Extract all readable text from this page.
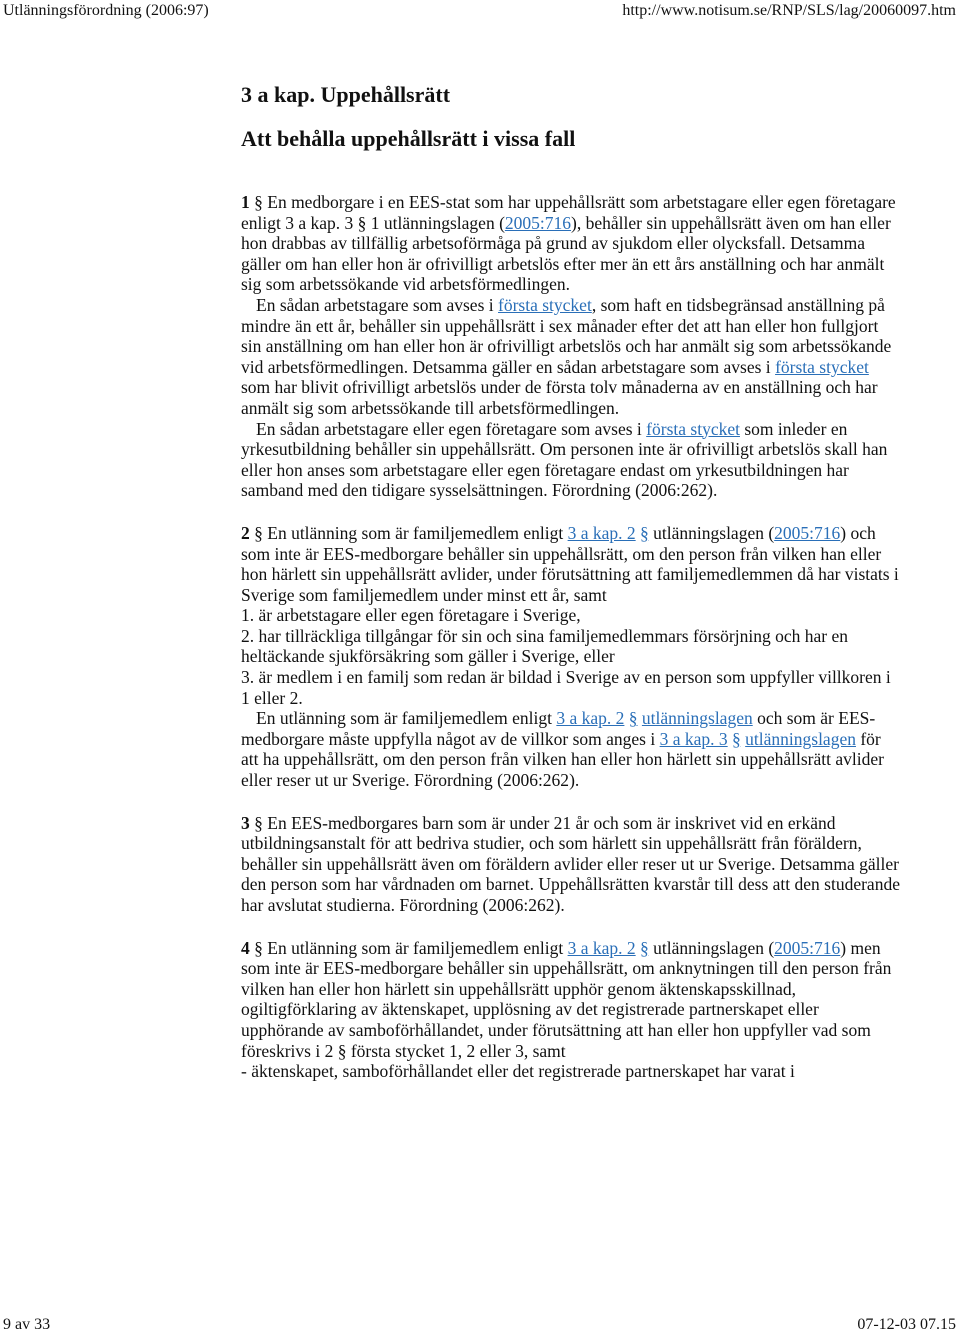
Utlänningsförordning (2006:97)	http://www.notisum.se/RNP/SLS/lag/20060097.htm
3 a kap. Uppehållsrätt
Att behålla uppehållsrätt i vissa fall

1 § En medborgare i en EES-stat som har uppehållsrätt som arbetstagare eller egen företagare enligt 3 a kap. 3 § 1 utlänningslagen (2005:716), behåller sin uppehållsrätt även om han eller hon drabbas av tillfällig arbetsoförmåga på grund av sjukdom eller olycksfall. Detsamma gäller om han eller hon är ofrivilligt arbetslös efter mer än ett års anställning och har anmält sig som arbetssökande vid arbetsförmedlingen.

En sådan arbetstagare som avses i första stycket, som haft en tidsbegränsad anställning på mindre än ett år, behåller sin uppehållsrätt i sex månader efter det att han eller hon fullgjort sin anställning om han eller hon är ofrivilligt arbetslös och har anmält sig som arbetssökande vid arbetsförmedlingen. Detsamma gäller en sådan arbetstagare som avses i första stycket som har blivit ofrivilligt arbetslös under de första tolv månaderna av en anställning och har anmält sig som arbetssökande till arbetsförmedlingen.

En sådan arbetstagare eller egen företagare som avses i första stycket som inleder en yrkesutbildning behåller sin uppehållsrätt. Om personen inte är ofrivilligt arbetslös skall han eller hon anses som arbetstagare eller egen företagare endast om yrkesutbildningen har samband med den tidigare sysselsättningen. Förordning (2006:262).

2 § En utlänning som är familjemedlem enligt 3 a kap. 2 § utlänningslagen (2005:716) och som inte är EES-medborgare behåller sin uppehållsrätt, om den person från vilken han eller hon härlett sin uppehållsrätt avlider, under förutsättning att familjemedlemmen då har vistats i Sverige som familjemedlem under minst ett år, samt

1. är arbetstagare eller egen företagare i Sverige,

2. har tillräckliga tillgångar för sin och sina familjemedlemmars försörjning och har en heltäckande sjukförsäkring som gäller i Sverige, eller

3. är medlem i en familj som redan är bildad i Sverige av en person som uppfyller villkoren i 1 eller 2.

En utlänning som är familjemedlem enligt 3 a kap. 2 § utlänningslagen och som är EES-medborgare måste uppfylla något av de villkor som anges i 3 a kap. 3 § utlänningslagen för att ha uppehållsrätt, om den person från vilken han eller hon härlett sin uppehållsrätt avlider eller reser ut ur Sverige. Förordning (2006:262).

3 § En EES-medborgares barn som är under 21 år och som är inskrivet vid en erkänd utbildningsanstalt för att bedriva studier, och som härlett sin uppehållsrätt från föräldern, behåller sin uppehållsrätt även om föräldern avlider eller reser ut ur Sverige. Detsamma gäller den person som har vårdnaden om barnet. Uppehållsrätten kvarstår till dess att den studerande har avslutat studierna. Förordning (2006:262).

4 § En utlänning som är familjemedlem enligt 3 a kap. 2 § utlänningslagen (2005:716) men som inte är EES-medborgare behåller sin uppehållsrätt, om anknytningen till den person från vilken han eller hon härlett sin uppehållsrätt upphör genom äktenskapsskillnad, ogiltigförklaring av äktenskapet, upplösning av det registrerade partnerskapet eller upphörande av samboförhållandet, under förutsättning att han eller hon uppfyller vad som föreskrivs i 2 § första stycket 1, 2 eller 3, samt

- äktenskapet, samboförhållandet eller det registrerade partnerskapet har varat i

9 av 33	07-12-03 07.15
